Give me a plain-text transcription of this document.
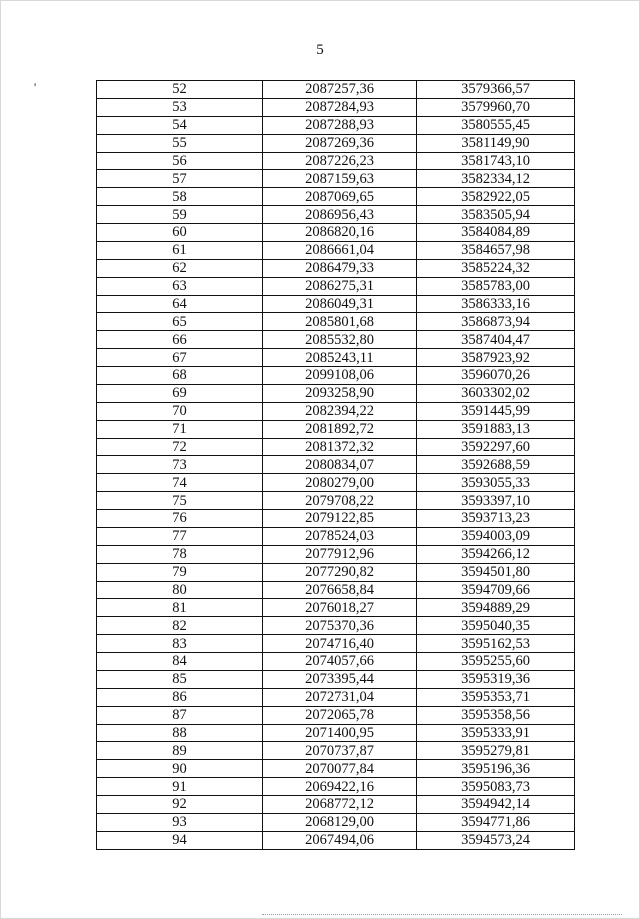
5
'	52	2087257,36	3579366,57
53	2087284,93	3579960,70
54	2087288,93	3580555,45
55	2087269,36	3581149,90
56	2087226,23	3581743,10
57	2087159,63	3582334,12
58	2087069,65	3582922,05
59	2086956,43	3583505,94
60	2086820,16	3584084,89
61	2086661,04	3584657,98
62	2086479,33	3585224,32
63	2086275,31	3585783,00
64	2086049,31	3586333,16
65	2085801,68	3586873,94
66	2085532,80	3587404,47
67	2085243,11	3587923,92
68	2099108,06	3596070,26
69	2093258,90	3603302,02
70	2082394,22	3591445,99
71	2081892,72	3591883,13
72	2081372,32	3592297,60
73	2080834,07	3592688,59
74	2080279,00	3593055,33
75	2079708,22	3593397,10
76	2079122,85	3593713,23
77	2078524,03	3594003,09
78	2077912,96	3594266,12
79	2077290,82	3594501,80
80	2076658,84	3594709,66
81	2076018,27	3594889,29
82	2075370,36	3595040,35
83	2074716,40	3595162,53
84	2074057,66	3595255,60
85	2073395,44	3595319,36
86	2072731,04	3595353,71
87	2072065,78	3595358,56
88	2071400,95	3595333,91
89	2070737,87	3595279,81
90	2070077,84	3595196,36
91	2069422,16	3595083,73
92	2068772,12	3594942,14
93	2068129,00	3594771,86
94	2067494,06	3594573,24
